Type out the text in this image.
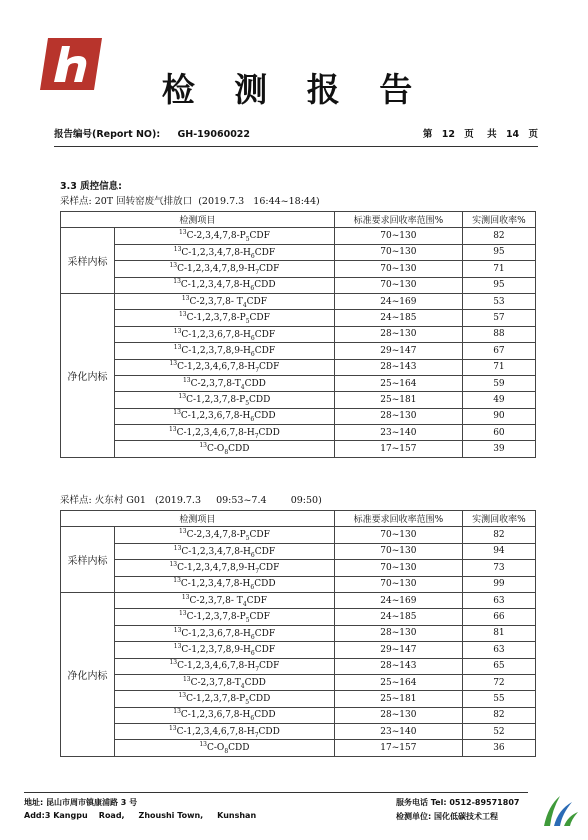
检 测 报 告
报告编号(Report NO): GH-19060022	第 12 页 共 14 页
3.3 质控信息:
采样点: 20T 回转窑废气排放口  (2019.7.3   16:44~18:44)
检测项目		标准要求回收率范围%	实测回收率%
采样内标	$^{13}C-2,3,4,7,8-P_5CDF$	70~130	82
	$^{13}C-1,2,3,4,7,8-H_6CDF$	70~130	95
	$^{13}C-1,2,3,4,7,8,9-H_7CDF$	70~130	71
	$^{13}C-1,2,3,4,7,8-H_6CDD$	70~130	95
净化内标	$^{13}$C-2,3,7,8- $T_4CDF$	24~169	53
	$^{13}C-1,2,3,7,8-P_5CDF$	24~185	57
	$^{13}C-1,2,3,6,7,8-H_6CDF$	28~130	88
	$^{13}C-1,2,3,7,8,9-H_6CDF$	29~147	67
	$^{13}C-1,2,3,4,6,7,8-H_7CDF$	28~143	71
	$^{13}C-2,3,7,8-T_4CDD$	25~164	59
	$^{13}C-1,2,3,7,8-P_5CDD$	25~181	49
	$^{13}C-1,2,3,6,7,8-H_6CDD$	28~130	90
	$^{13}C-1,2,3,4,6,7,8-H_7CDD$	23~140	60
	$^{13}C-O_8CDD$	17~157	39
采样点: 火东村 G01   (2019.7.3     09:53~7.4        09:50)
检测项目		标准要求回收率范围%	实测回收率%
采样内标	$^{13}C-2,3,4,7,8-P_5CDF$	70~130	82
	$^{13}C-1,2,3,4,7,8-H_6CDF$	70~130	94
	$^{13}C-1,2,3,4,7,8,9-H_7CDF$	70~130	73
	$^{13}C-1,2,3,4,7,8-H_6CDD$	70~130	99
净化内标	$^{13}$C-2,3,7,8- $T_4CDF$	24~169	63
	$^{13}C-1,2,3,7,8-P_5CDF$	24~185	66
	$^{13}C-1,2,3,6,7,8-H_6CDF$	28~130	81
	$^{13}C-1,2,3,7,8,9-H_6CDF$	29~147	63
	$^{13}C-1,2,3,4,6,7,8-H_7CDF$	28~143	65
	$^{13}C-2,3,7,8-T_4CDD$	25~164	72
	$^{13}C-1,2,3,7,8-P_5CDD$	25~181	55
	$^{13}C-1,2,3,6,7,8-H_6CDD$	28~130	82
	$^{13}C-1,2,3,4,6,7,8-H_7CDD$	23~140	52
	$^{13}C-O_8CDD$	17~157	36
地址: 昆山市周市镇康浦路 3 号
Add:3 Kangpu    Road,     Zhoushi Town,     Kunshan
服务电话 Tel: 0512-89571807
检测单位: 国化低碳技术工程
